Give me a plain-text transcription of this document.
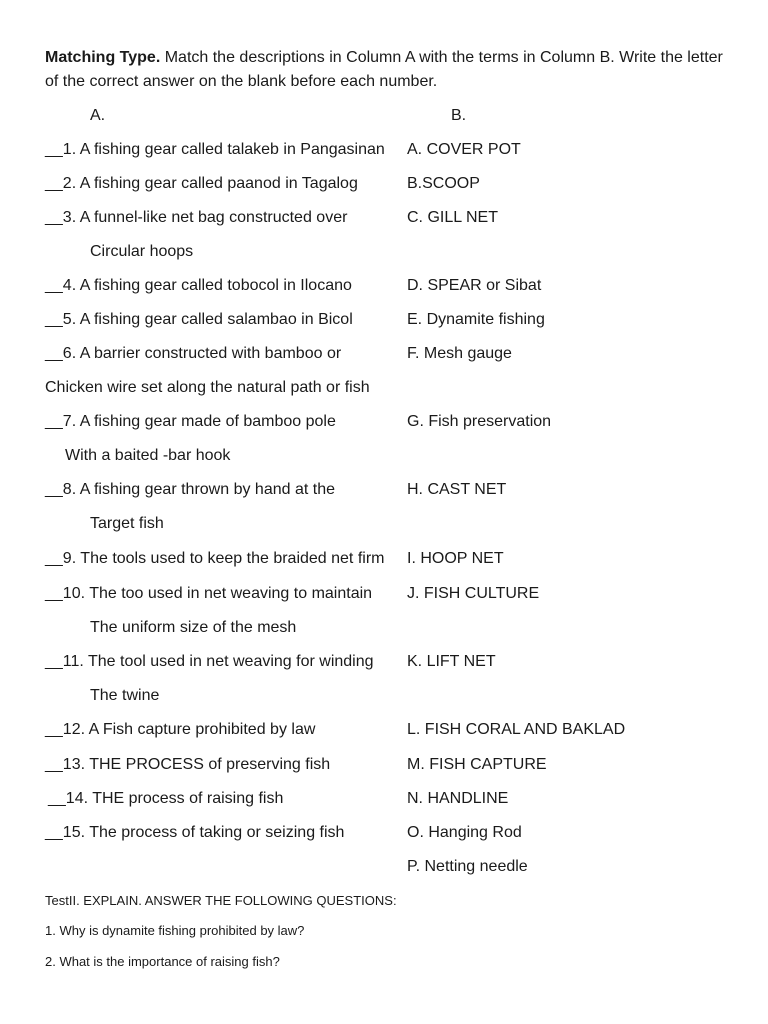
Matching Type. Match the descriptions in Column A with the terms in Column B. Write the letter of the correct answer on the blank before each number.
A.	B.
__1. A fishing gear called talakeb in Pangasinan
__2. A fishing gear called paanod in Tagalog
__3. A funnel-like net bag constructed over
Circular hoops
__4. A fishing gear called tobocol in Ilocano
__5. A fishing gear called salambao in Bicol
__6. A barrier constructed with bamboo or
Chicken wire set along the natural path or fish
__7. A fishing gear made of bamboo pole
With a baited -bar hook
__8. A fishing gear thrown by hand at the
Target fish
__9. The tools used to keep the braided net firm
__10. The too used in net weaving to maintain
The uniform size of the mesh
__11. The tool used in net weaving for winding
The twine
__12. A Fish capture prohibited by law
__13. THE PROCESS of preserving fish
__14. THE process of raising fish
__15. The process of taking or seizing fish
A. COVER POT
B.SCOOP
C. GILL NET
D. SPEAR or Sibat
E. Dynamite fishing
F. Mesh gauge
G. Fish preservation
H. CAST NET
I. HOOP NET
J. FISH CULTURE
K. LIFT NET
L. FISH CORAL AND BAKLAD
M. FISH CAPTURE
N. HANDLINE
O. Hanging Rod
P. Netting needle
TestII. EXPLAIN. ANSWER THE FOLLOWING QUESTIONS:
1. Why is dynamite fishing prohibited by law?
2. What is the importance of raising fish?
